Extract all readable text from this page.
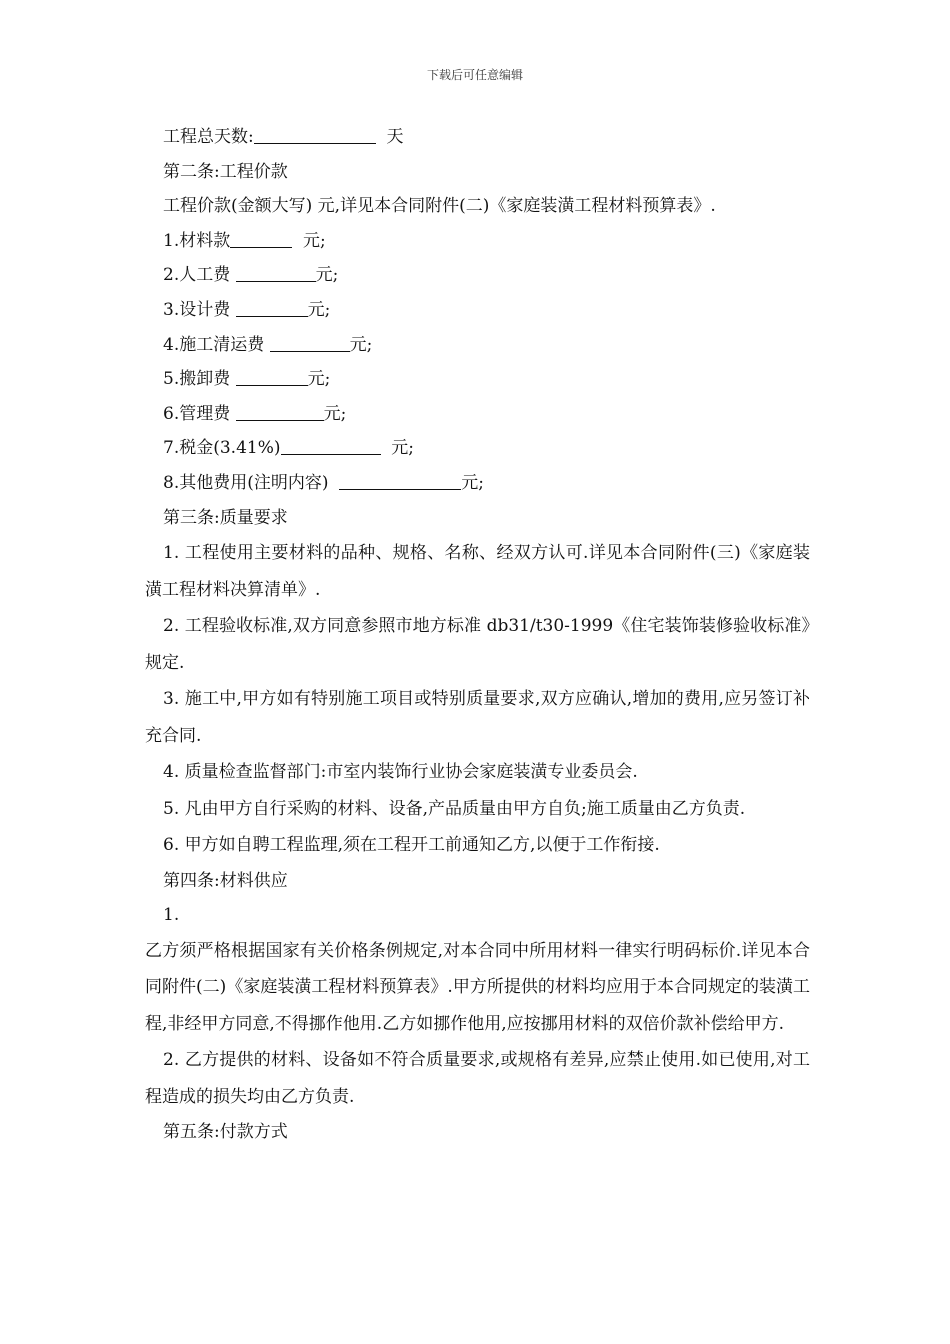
下载后可任意编辑
工程总天数:	天
第二条:工程价款
工程价款(金额大写) 元,详见本合同附件(二)《家庭装潢工程材料预算表》.
1.材料款	元;
2.人工费	元;
3.设计费	元;
4.施工清运费	元;
5.搬卸费	元;
6.管理费	元;
7.税金(3.41%)	元;
8.其他费用(注明内容)	元;
第三条:质量要求

1. 工程使用主要材料的品种、规格、名称、经双方认可.详见本合同附件(三)《家庭装潢工程材料决算清单》.

2. 工程验收标准,双方同意参照市地方标准 db31/t30-1999《住宅装饰装修验收标准》规定.

3. 施工中,甲方如有特别施工项目或特别质量要求,双方应确认,增加的费用,应另签订补充合同.

4. 质量检查监督部门:市室内装饰行业协会家庭装潢专业委员会.

5. 凡由甲方自行采购的材料、设备,产品质量由甲方自负;施工质量由乙方负责.

6. 甲方如自聘工程监理,须在工程开工前通知乙方,以便于工作衔接.

第四条:材料供应
1.

乙方须严格根据国家有关价格条例规定,对本合同中所用材料一律实行明码标价.详见本合同附件(二)《家庭装潢工程材料预算表》.甲方所提供的材料均应用于本合同规定的装潢工程,非经甲方同意,不得挪作他用.乙方如挪作他用,应按挪用材料的双倍价款补偿给甲方.

2. 乙方提供的材料、设备如不符合质量要求,或规格有差异,应禁止使用.如已使用,对工程造成的损失均由乙方负责.

第五条:付款方式
